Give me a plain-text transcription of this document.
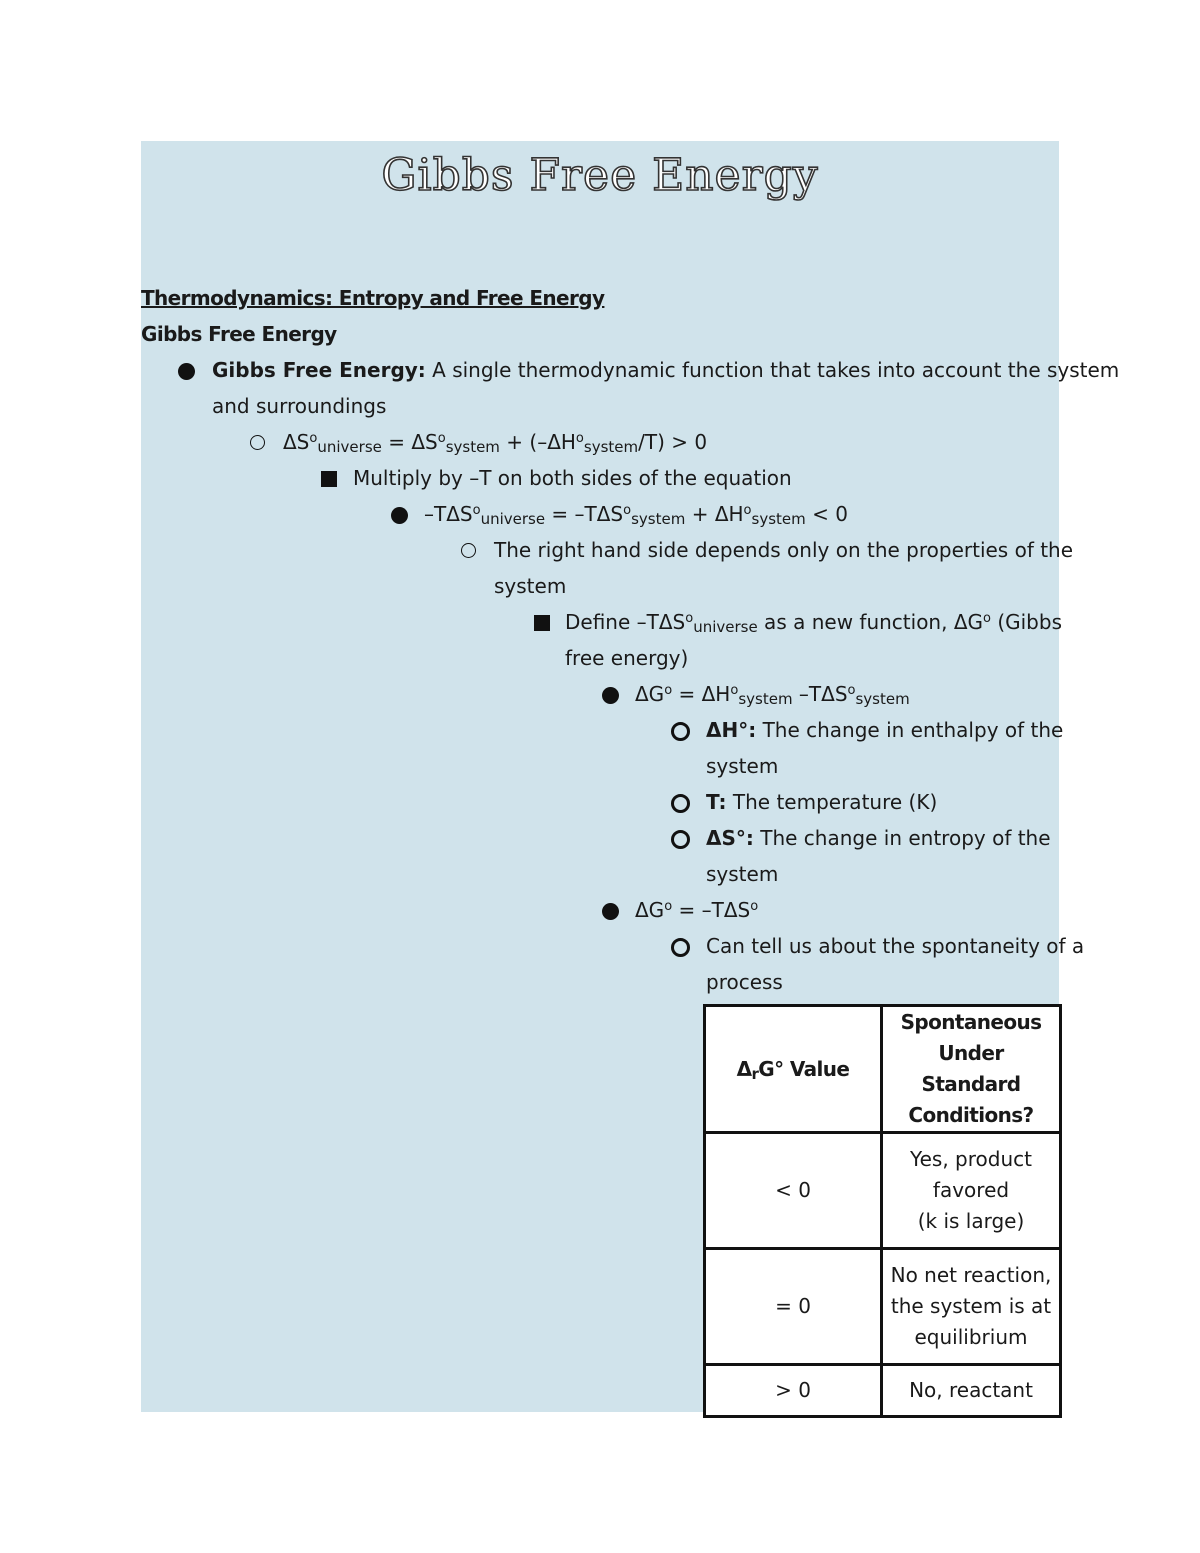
Gibbs Free Energy
Thermodynamics: Entropy and Free Energy
Gibbs Free Energy
Gibbs Free Energy: A single thermodynamic function that takes into account the system
and surroundings
$\Delta S^o_{universe} = \Delta S^o_{system} + (-\Delta H^o_{system}/T) > 0$
Multiply by –T on both sides of the equation
$-T\Delta S^o_{universe} = -T\Delta S^o_{system} + \Delta H^o_{system} < 0$
The right hand side depends only on the properties of the
system
Define $-T\Delta S^o_{universe}$ as a new function, $\Delta G^o$ (Gibbs
free energy)
$\Delta G^o = \Delta H^o_{system}$ $-T\Delta S^o_{system}$
ΔH°: The change in enthalpy of the
system
T: The temperature (K)
ΔS°: The change in entropy of the
system
$\Delta G^o = -T\Delta S^o$
Can tell us about the spontaneity of a
process
$\Delta_rG^\circ$ Value	Spontaneous
Under Standard
Conditions?

< 0	Yes, product
favored
(k is large)

= 0	No net reaction,
the system is at
equilibrium

> 0	No, reactant
